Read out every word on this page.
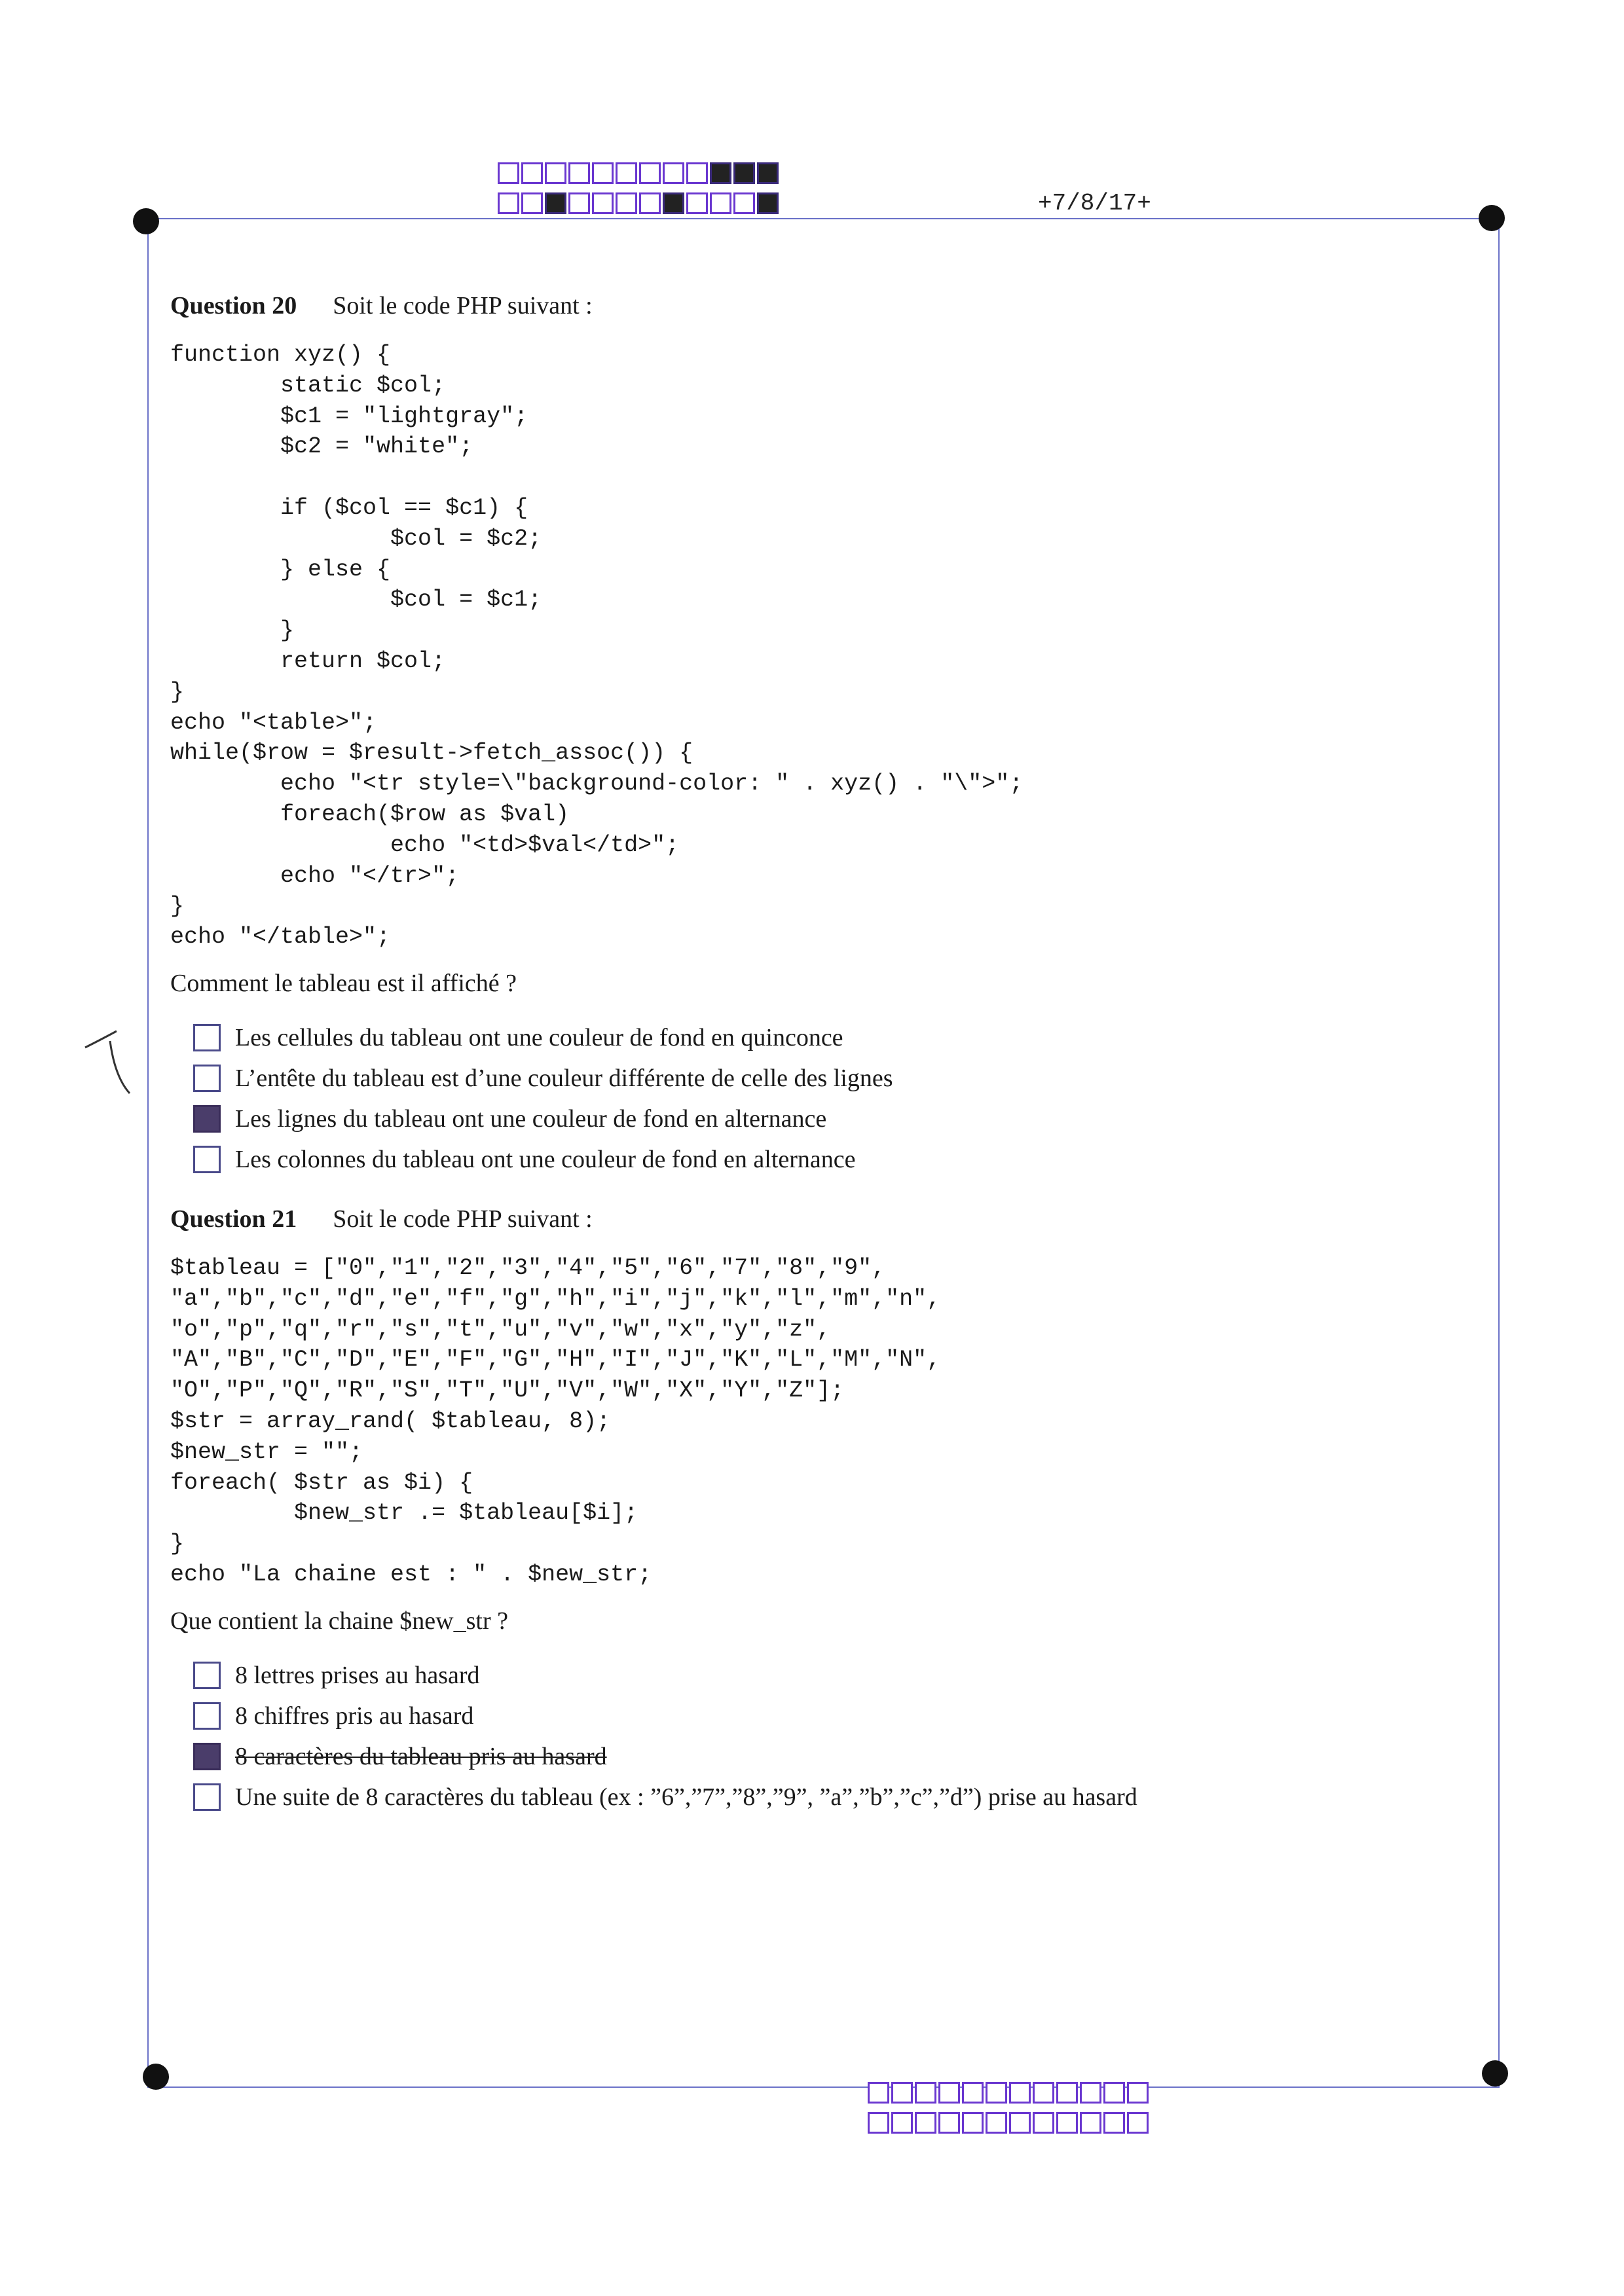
+7/8/17+
Question 20 Soit le code PHP suivant :
function xyz() {
static $col;
$c1 = "lightgray";
$c2 = "white";

if ($col == $c1) {
$col = $c2;
} else {
$col = $c1;
}
return $col;
}
echo "<table>";
while($row = $result->fetch_assoc()) {
echo "<tr style=\"background-color: " . xyz() . "\">";
foreach($row as $val)
echo "<td>$val</td>";
echo "</tr>";
}
echo "</table>";
Comment le tableau est il affiché ?
Les cellules du tableau ont une couleur de fond en quinconce
L’entête du tableau est d’une couleur différente de celle des lignes
Les lignes du tableau ont une couleur de fond en alternance
Les colonnes du tableau ont une couleur de fond en alternance
Question 21 Soit le code PHP suivant :
$tableau = ["0","1","2","3","4","5","6","7","8","9",
"a","b","c","d","e","f","g","h","i","j","k","l","m","n",
"o","p","q","r","s","t","u","v","w","x","y","z",
"A","B","C","D","E","F","G","H","I","J","K","L","M","N",
"O","P","Q","R","S","T","U","V","W","X","Y","Z"];
$str = array_rand( $tableau, 8);
$new_str = "";
foreach( $str as $i) {
$new_str .= $tableau[$i];
}
echo "La chaine est : " . $new_str;
Que contient la chaine $new_str ?
8 lettres prises au hasard
8 chiffres pris au hasard
8 caractères du tableau pris au hasard
Une suite de 8 caractères du tableau (ex : ”6”,”7”,”8”,”9”, ”a”,”b”,”c”,”d”) prise au hasard
